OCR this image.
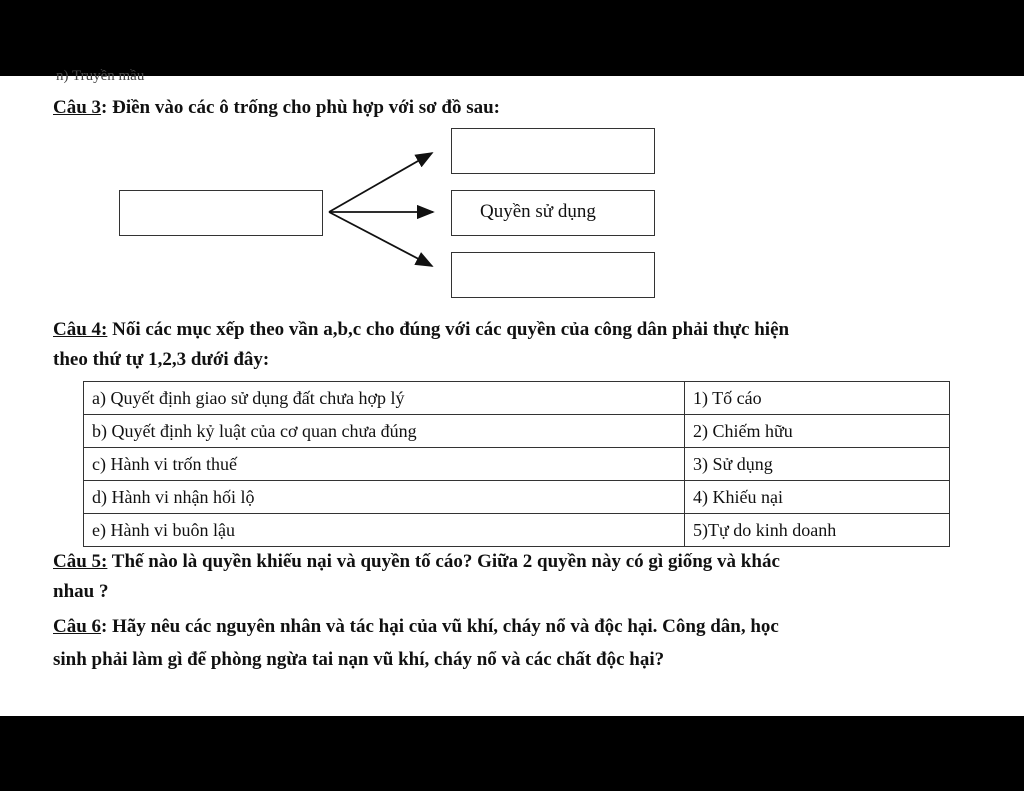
n) Truyền mầu

Câu 3: Điền vào các ô trống cho phù hợp với sơ đồ sau:

Quyền sử dụng

Câu 4: Nối các mục xếp theo vần a,b,c cho đúng với các quyền của công dân phải thực hiện

theo thứ tự 1,2,3 dưới đây:

a) Quyết định giao sử dụng đất chưa hợp lý	1) Tố cáo
b) Quyết định kỷ luật của cơ quan chưa đúng	2) Chiếm hữu
c) Hành vi trốn thuế	3) Sử dụng
d) Hành vi nhận hối lộ	4) Khiếu nại
e) Hành vi buôn lậu	5)Tự do kinh doanh

Câu 5: Thế nào là quyền khiếu nại và quyền tố cáo? Giữa 2 quyền này có gì giống và khác

nhau ?

Câu 6: Hãy nêu các nguyên nhân và tác hại của vũ khí, cháy nổ và độc hại. Công dân, học

sinh phải làm gì để phòng ngừa tai nạn vũ khí, cháy nổ và các chất độc hại?
